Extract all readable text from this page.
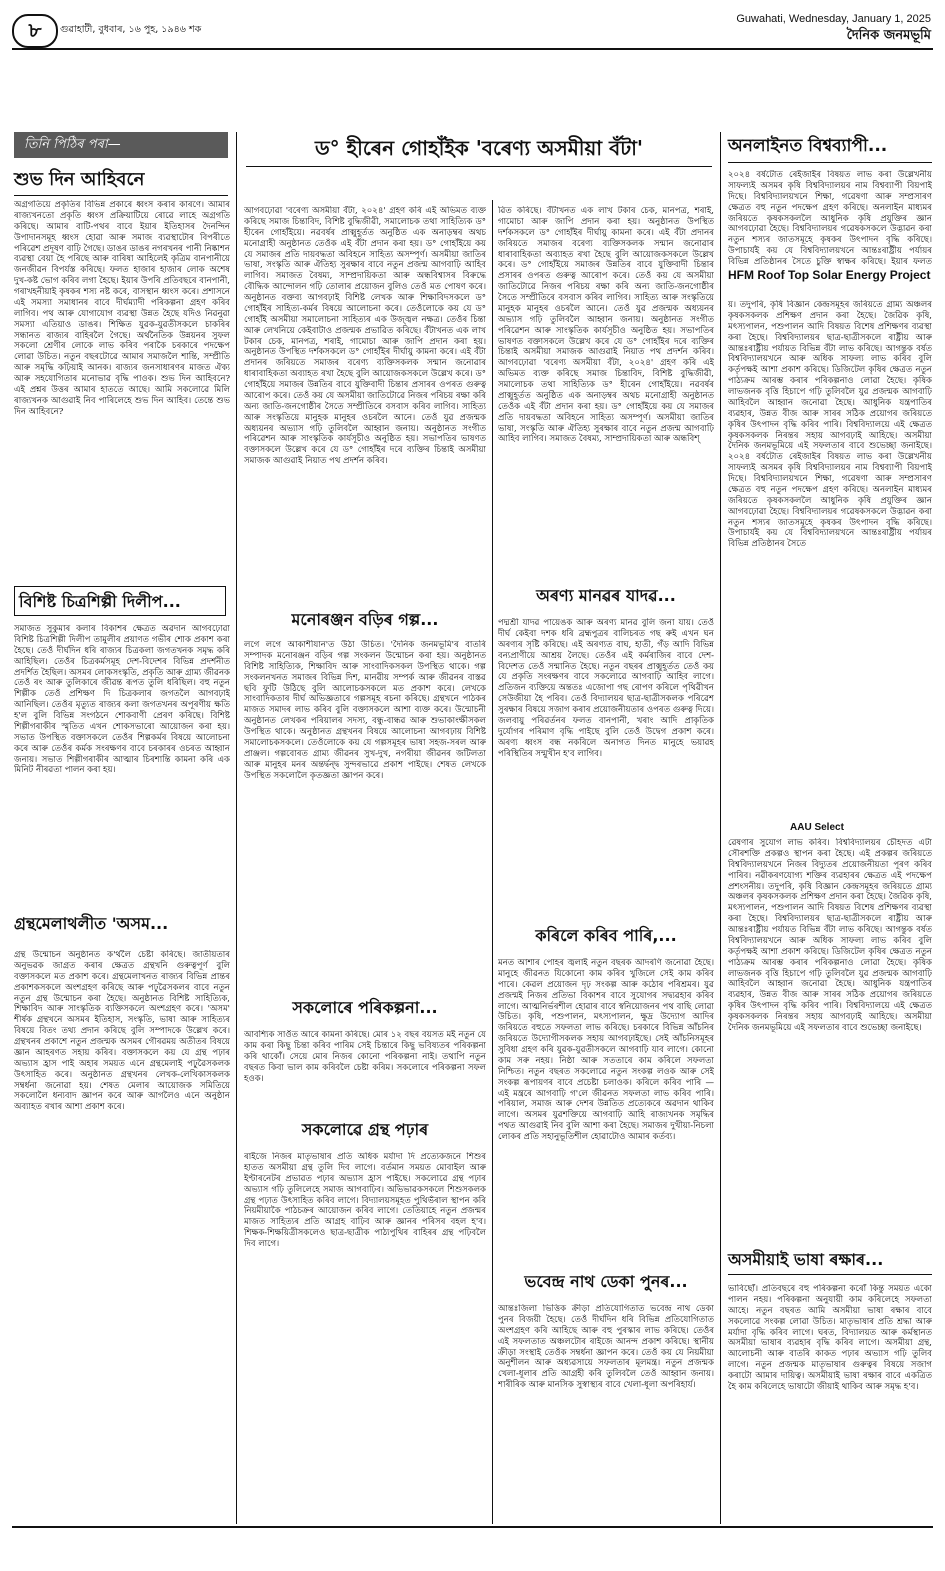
৮	গুৱাহাটী, বুধবাৰ, ১৬ পুহ, ১৯৪৬ শক
Guwahati, Wednesday, January 1, 2025
দৈনিক জনমভূমি
তিনি পিঠিৰ পৰা—
শুভ দিন আহিবনে
অগ্ৰগতিয়ে প্ৰকৃতিৰ বিভিন্ন প্ৰকাৰে ধ্বংস কৰাৰ কাৰণে। আমাৰ ৰাজ্যখনতো প্ৰকৃতি ধ্বংস প্ৰক্ৰিয়াটিয়ে ৰোৱে লাহে অগ্ৰগতি কৰিছে। আমাৰ বাটি-পথৰ বাবে ইয়াৰ ইতিহাসৰ দৈনন্দিন উপাদানসমূহ ধ্বংস হোৱা আৰু সমাজ ব্যৱস্থাটোৰ বিপৰীতে পৰিৱেশ প্ৰদূষণ বাঢ়ি গৈছে। ডাঙৰ ডাঙৰ নগৰখনৰ পানী নিষ্কাশন ব্যৱস্থা বেয়া হৈ পৰিছে আৰু বাৰিষা আহিলেই কৃত্ৰিম বানপানীয়ে জনজীৱন বিপৰ্যস্ত কৰিছে। ফলত হাজাৰ হাজাৰ লোক অশেষ দুখ-কষ্ট ভোগ কৰিব লগা হৈছে। ইয়াৰ উপৰি প্ৰতিবছৰে বানপানী, গৰাখহনীয়াই কৃষকৰ শস্য নষ্ট কৰে, বাসস্থান ধ্বংস কৰে। প্ৰশাসনে এই সমস্যা সমাধানৰ বাবে দীৰ্ঘম্যাদী পৰিকল্পনা গ্ৰহণ কৰিব লাগিব। পথ আৰু যোগাযোগ ব্যৱস্থা উন্নত হৈছে যদিও নিৱনুৱা সমস্যা এতিয়াও ডাঙৰ। শিক্ষিত যুৱক-যুৱতীসকলে চাকৰিৰ সন্ধানত ৰাজ্যৰ বাহিৰলৈ গৈছে। অৰ্থনৈতিক উন্নয়নৰ সুফল সকলো শ্ৰেণীৰ লোকে লাভ কৰিব পৰাকৈ চৰকাৰে পদক্ষেপ লোৱা উচিত। নতুন বছৰটোৱে আমাৰ সমাজলৈ শান্তি, সম্প্ৰীতি আৰু সমৃদ্ধি কঢ়িয়াই আনক। ৰাজ্যৰ জনসাধাৰণৰ মাজত ঐক্য আৰু সহযোগিতাৰ মনোভাৱ বৃদ্ধি পাওক। শুভ দিন আহিবনে? এই প্ৰশ্নৰ উত্তৰ আমাৰ হাততে আছে। আমি সকলোৱে মিলি ৰাজ্যখনক আগুৱাই নিব পাৰিলেহে শুভ দিন আহিব। তেন্তে শুভ দিন আহিবনে?
বিশিষ্ট চিত্ৰশিল্পী দিলীপ...
সমাজত সুকুমাৰ কলাৰ বিকাশৰ ক্ষেত্ৰত অৱদান আগবঢ়োৱা বিশিষ্ট চিত্ৰশিল্পী দিলীপ তামুলীৰ প্ৰয়াণত গভীৰ শোক প্ৰকাশ কৰা হৈছে। তেওঁ দীৰ্ঘদিন ধৰি ৰাজ্যৰ চিত্ৰকলা জগতখনক সমৃদ্ধ কৰি আহিছিল। তেওঁৰ চিত্ৰকৰ্মসমূহ দেশ-বিদেশৰ বিভিন্ন প্ৰদৰ্শনীত প্ৰদৰ্শিত হৈছিল। অসমৰ লোকসংস্কৃতি, প্ৰকৃতি আৰু গ্ৰাম্য জীৱনক তেওঁ ৰং আৰু তুলিকাৰে জীৱন্ত ৰূপত তুলি ধৰিছিল। বহু নতুন শিল্পীক তেওঁ প্ৰশিক্ষণ দি চিত্ৰকলাৰ জগতলৈ আগবঢ়াই আনিছিল। তেওঁৰ মৃত্যুত ৰাজ্যৰ কলা জগতখনৰ অপূৰণীয় ক্ষতি হ'ল বুলি বিভিন্ন সংগঠনে শোকবাণী প্ৰেৰণ কৰিছে। বিশিষ্ট শিল্পীগৰাকীৰ স্মৃতিত এখন শোকসভাৰো আয়োজন কৰা হয়। সভাত উপস্থিত বক্তাসকলে তেওঁৰ শিল্পকৰ্মৰ বিষয়ে আলোচনা কৰে আৰু তেওঁৰ কৰ্মক সংৰক্ষণৰ বাবে চৰকাৰৰ ওচৰত আহ্বান জনায়। সভাত শিল্পীগৰাকীৰ আত্মাৰ চিৰশান্তি কামনা কৰি এক মিনিট নীৰৱতা পালন কৰা হয়।
গ্ৰন্থমেলাথলীত 'অসম...
গ্ৰন্থ উন্মোচন অনুষ্ঠানত ক'ৰ্থলৈ চেষ্টা কৰিছে। জাতীয়তাৰ অনুভৱক জাগ্ৰত কৰাৰ ক্ষেত্ৰত গ্ৰন্থখনি গুৰুত্বপূৰ্ণ বুলি বক্তাসকলে মত প্ৰকাশ কৰে। গ্ৰন্থমেলাখনত ৰাজ্যৰ বিভিন্ন প্ৰান্তৰ প্ৰকাশকসকলে অংশগ্ৰহণ কৰিছে আৰু পঢ়ুৱৈসকলৰ বাবে নতুন নতুন গ্ৰন্থ উন্মোচন কৰা হৈছে। অনুষ্ঠানত বিশিষ্ট সাহিত্যিক, শিক্ষাবিদ আৰু সাংস্কৃতিক ব্যক্তিসকলে অংশগ্ৰহণ কৰে। 'অসম' শীৰ্ষক গ্ৰন্থখনে অসমৰ ইতিহাস, সংস্কৃতি, ভাষা আৰু সাহিত্যৰ বিষয়ে বিতং তথ্য প্ৰদান কৰিছে বুলি সম্পাদকে উল্লেখ কৰে। গ্ৰন্থখনৰ প্ৰকাশে নতুন প্ৰজন্মক অসমৰ গৌৰৱময় অতীতৰ বিষয়ে জ্ঞান আহৰণত সহায় কৰিব। বক্তাসকলে কয় যে গ্ৰন্থ পঢ়াৰ অভ্যাস হ্ৰাস পাই অহাৰ সময়ত এনে গ্ৰন্থমেলাই পঢ়ুৱৈসকলক উৎসাহিত কৰে। অনুষ্ঠানত গ্ৰন্থখনৰ লেখক-লেখিকাসকলক সম্বৰ্ধনা জনোৱা হয়। শেষত মেলাৰ আয়োজক সমিতিয়ে সকলোলৈ ধন্যবাদ জ্ঞাপন কৰে আৰু আগলৈও এনে অনুষ্ঠান অব্যাহত ৰখাৰ আশা প্ৰকাশ কৰে।
ড° হীৰেন গোহাঁইক 'বৰেণ্য অসমীয়া বঁটা'
আগবঢ়োৱা 'বৰেণ্য অসমীয়া বঁটা, ২০২৪' গ্ৰহণ কৰি এই অভিমত ব্যক্ত কৰিছে সমাজ চিন্তাবিদ, বিশিষ্ট বুদ্ধিজীৱী, সমালোচক তথা সাহিত্যিক ড° হীৰেন গোহাঁইয়ে। নৱবৰ্ষৰ প্ৰাক্মুহূৰ্তত অনুষ্ঠিত এক অনাড়ম্বৰ অথচ মনোগ্ৰাহী অনুষ্ঠানত তেওঁক এই বঁটা প্ৰদান কৰা হয়। ড° গোহাঁইয়ে কয় যে সমাজৰ প্ৰতি দায়বদ্ধতা অবিহনে সাহিত্য অসম্পূৰ্ণ। অসমীয়া জাতিৰ ভাষা, সংস্কৃতি আৰু ঐতিহ্য সুৰক্ষাৰ বাবে নতুন প্ৰজন্ম আগবাঢ়ি আহিব লাগিব। সমাজত বৈষম্য, সাম্প্ৰদায়িকতা আৰু অন্ধবিশ্বাসৰ বিৰুদ্ধে বৌদ্ধিক আন্দোলন গঢ়ি তোলাৰ প্ৰয়োজন বুলিও তেওঁ মত পোষণ কৰে। অনুষ্ঠানত বক্তব্য আগবঢ়াই বিশিষ্ট লেখক আৰু শিক্ষাবিদসকলে ড° গোহাঁইৰ সাহিত্য-কৰ্মৰ বিষয়ে আলোচনা কৰে। তেওঁলোকে কয় যে ড° গোহাঁই অসমীয়া সমালোচনা সাহিত্যৰ এক উজ্জ্বল নক্ষত্ৰ। তেওঁৰ চিন্তা আৰু লেখনিয়ে কেইবাটাও প্ৰজন্মক প্ৰভাৱিত কৰিছে। বঁটাখনত এক লাখ টকাৰ চেক, মানপত্ৰ, শৰাই, গামোচা আৰু জাপি প্ৰদান কৰা হয়। অনুষ্ঠানত উপস্থিত দৰ্শকসকলে ড° গোহাঁইৰ দীৰ্ঘায়ু কামনা কৰে। এই বঁটা প্ৰদানৰ জৰিয়তে সমাজৰ বৰেণ্য ব্যক্তিসকলক সন্মান জনোৱাৰ ধাৰাবাহিকতা অব্যাহত ৰখা হৈছে বুলি আয়োজকসকলে উল্লেখ কৰে। ড° গোহাঁইয়ে সমাজৰ উন্নতিৰ বাবে যুক্তিবাদী চিন্তাৰ প্ৰসাৰৰ ওপৰত গুৰুত্ব আৰোপ কৰে। তেওঁ কয় যে অসমীয়া জাতিটোৱে নিজৰ পৰিচয় ৰক্ষা কৰি অন্য জাতি-জনগোষ্ঠীৰ সৈতে সম্প্ৰীতিৰে বসবাস কৰিব লাগিব। সাহিত্য আৰু সংস্কৃতিয়ে মানুহক মানুহৰ ওচৰলৈ আনে। তেওঁ যুৱ প্ৰজন্মক অধ্যয়নৰ অভ্যাস গঢ়ি তুলিবলৈ আহ্বান জনায়। অনুষ্ঠানত সংগীত পৰিৱেশন আৰু সাংস্কৃতিক কাৰ্যসূচীও অনুষ্ঠিত হয়। সভাপতিৰ ভাষণত বক্তাসকলে উল্লেখ কৰে যে ড° গোহাঁইৰ দৰে ব্যক্তিৰ চিন্তাই অসমীয়া সমাজক আগুৱাই নিয়াত পথ প্ৰদৰ্শন কৰিব।
মনোৰঞ্জন বড়িৰ গল্প...
লগে লগে আকাশীযান'ত উঠা উচিত। 'দৈনিক জনমভূমি'ৰ বাতৰি সম্পাদক মনোৰঞ্জন বড়িৰ গল্প সংকলন উন্মোচন কৰা হয়। অনুষ্ঠানত বিশিষ্ট সাহিত্যিক, শিক্ষাবিদ আৰু সাংবাদিকসকল উপস্থিত থাকে। গল্প সংকলনখনত সমাজৰ বিভিন্ন দিশ, মানৱীয় সম্পৰ্ক আৰু জীৱনৰ বাস্তৱ ছবি ফুটি উঠিছে বুলি আলোচকসকলে মত প্ৰকাশ কৰে। লেখকে সাংবাদিকতাৰ দীৰ্ঘ অভিজ্ঞতাৰে গল্পসমূহ ৰচনা কৰিছে। গ্ৰন্থখনে পাঠকৰ মাজত সমাদৰ লাভ কৰিব বুলি বক্তাসকলে আশা ব্যক্ত কৰে। উন্মোচনী অনুষ্ঠানত লেখকৰ পৰিয়ালৰ সদস্য, বন্ধু-বান্ধৱ আৰু শুভাকাংক্ষীসকল উপস্থিত থাকে। অনুষ্ঠানত গ্ৰন্থখনৰ বিষয়ে আলোচনা আগবঢ়ায় বিশিষ্ট সমালোচকসকলে। তেওঁলোকে কয় যে গল্পসমূহৰ ভাষা সহজ-সৰল আৰু প্ৰাঞ্জল। গল্পবোৰত গ্ৰাম্য জীৱনৰ সুখ-দুখ, নগৰীয়া জীৱনৰ জটিলতা আৰু মানুহৰ মনৰ অন্তৰ্দ্বন্দ্ব সুন্দৰভাৱে প্ৰকাশ পাইছে। শেষত লেখকে উপস্থিত সকলোলৈ কৃতজ্ঞতা জ্ঞাপন কৰে।
সকলোৰে পৰিকল্পনা...
আবশ্যিক সাওঁত আৰে কামনা কৰিছে। মোৰ ১২ বছৰ বয়সত মই নতুন যে কাম কৰা কিছু চিন্তা কৰিব পাৰিম সেই চিন্তাৰে কিছু ভবিষ্যতৰ পৰিকল্পনা কৰি থাকোঁ। সেয়ে মোৰ নিজৰ কোনো পৰিকল্পনা নাই। তথাপি নতুন বছৰত কিবা ভাল কাম কৰিবলৈ চেষ্টা কৰিম। সকলোৰে পৰিকল্পনা সফল হওক।
সকলোৱে গ্ৰন্থ পঢ়াৰ
ৰাইজে নিজৰ মাতৃভাষাৰ প্ৰতি অধিক মৰ্যাদা দি প্ৰত্যেকজনে শিশুৰ হাতত অসমীয়া গ্ৰন্থ তুলি দিব লাগে। বৰ্তমান সময়ত মোবাইল আৰু ইণ্টাৰনেটৰ প্ৰভাৱত পঢ়াৰ অভ্যাস হ্ৰাস পাইছে। সকলোৱে গ্ৰন্থ পঢ়াৰ অভ্যাস গঢ়ি তুলিলেহে সমাজ আগবাঢ়িব। অভিভাৱকসকলে শিশুসকলক গ্ৰন্থ পঢ়াত উৎসাহিত কৰিব লাগে। বিদ্যালয়সমূহত পুথিভঁৰাল স্থাপন কৰি নিয়মীয়াকৈ পাঠচক্ৰৰ আয়োজন কৰিব লাগে। তেতিয়াহে নতুন প্ৰজন্মৰ মাজত সাহিত্যৰ প্ৰতি আগ্ৰহ বাঢ়িব আৰু জ্ঞানৰ পৰিসৰ বহল হ'ব। শিক্ষক-শিক্ষয়িত্ৰীসকলেও ছাত্ৰ-ছাত্ৰীক পাঠ্যপুথিৰ বাহিৰৰ গ্ৰন্থ পঢ়িবলৈ দিব লাগে।
ৱিত কৰিছে। বঁটাখনত এক লাখ টকাৰ চেক, মানপত্ৰ, শৰাই, গামোচা আৰু জাপি প্ৰদান কৰা হয়। অনুষ্ঠানত উপস্থিত দৰ্শকসকলে ড° গোহাঁইৰ দীৰ্ঘায়ু কামনা কৰে। এই বঁটা প্ৰদানৰ জৰিয়তে সমাজৰ বৰেণ্য ব্যক্তিসকলক সন্মান জনোৱাৰ ধাৰাবাহিকতা অব্যাহত ৰখা হৈছে বুলি আয়োজকসকলে উল্লেখ কৰে। ড° গোহাঁইয়ে সমাজৰ উন্নতিৰ বাবে যুক্তিবাদী চিন্তাৰ প্ৰসাৰৰ ওপৰত গুৰুত্ব আৰোপ কৰে। তেওঁ কয় যে অসমীয়া জাতিটোৱে নিজৰ পৰিচয় ৰক্ষা কৰি অন্য জাতি-জনগোষ্ঠীৰ সৈতে সম্প্ৰীতিৰে বসবাস কৰিব লাগিব। সাহিত্য আৰু সংস্কৃতিয়ে মানুহক মানুহৰ ওচৰলৈ আনে। তেওঁ যুৱ প্ৰজন্মক অধ্যয়নৰ অভ্যাস গঢ়ি তুলিবলৈ আহ্বান জনায়। অনুষ্ঠানত সংগীত পৰিৱেশন আৰু সাংস্কৃতিক কাৰ্যসূচীও অনুষ্ঠিত হয়। সভাপতিৰ ভাষণত বক্তাসকলে উল্লেখ কৰে যে ড° গোহাঁইৰ দৰে ব্যক্তিৰ চিন্তাই অসমীয়া সমাজক আগুৱাই নিয়াত পথ প্ৰদৰ্শন কৰিব। আগবঢ়োৱা 'বৰেণ্য অসমীয়া বঁটা, ২০২৪' গ্ৰহণ কৰি এই অভিমত ব্যক্ত কৰিছে সমাজ চিন্তাবিদ, বিশিষ্ট বুদ্ধিজীৱী, সমালোচক তথা সাহিত্যিক ড° হীৰেন গোহাঁইয়ে। নৱবৰ্ষৰ প্ৰাক্মুহূৰ্তত অনুষ্ঠিত এক অনাড়ম্বৰ অথচ মনোগ্ৰাহী অনুষ্ঠানত তেওঁক এই বঁটা প্ৰদান কৰা হয়। ড° গোহাঁইয়ে কয় যে সমাজৰ প্ৰতি দায়বদ্ধতা অবিহনে সাহিত্য অসম্পূৰ্ণ। অসমীয়া জাতিৰ ভাষা, সংস্কৃতি আৰু ঐতিহ্য সুৰক্ষাৰ বাবে নতুন প্ৰজন্ম আগবাঢ়ি আহিব লাগিব। সমাজত বৈষম্য, সাম্প্ৰদায়িকতা আৰু অন্ধবিশ্
অৰণ্য মানৱৰ যাদৱ...
পদ্মশ্ৰী যাদৱ পায়েঙক আৰু অৰণ্য মানৱ বুলি জনা যায়। তেওঁ দীৰ্ঘ কেইবা দশক ধৰি ব্ৰহ্মপুত্ৰৰ বালিচৰত গছ ৰুই এখন ঘন অৰণ্যৰ সৃষ্টি কৰিছে। এই অৰণ্যত বাঘ, হাতী, গঁড় আদি বিভিন্ন বন্যপ্ৰাণীয়ে আশ্ৰয় লৈছে। তেওঁৰ এই কৰ্মৰাজিৰ বাবে দেশ-বিদেশত তেওঁ সন্মানিত হৈছে। নতুন বছৰৰ প্ৰাক্মুহূৰ্তত তেওঁ কয় যে প্ৰকৃতি সংৰক্ষণৰ বাবে সকলোৱে আগবাঢ়ি আহিব লাগে। প্ৰতিজন ব্যক্তিয়ে অন্ততঃ এজোপা গছ ৰোপণ কৰিলে পৃথিৱীখন সেউজীয়া হৈ পৰিব। তেওঁ বিদ্যালয়ৰ ছাত্ৰ-ছাত্ৰীসকলক পৰিৱেশ সুৰক্ষাৰ বিষয়ে সজাগ কৰাৰ প্ৰয়োজনীয়তাৰ ওপৰত গুৰুত্ব দিয়ে। জলবায়ু পৰিৱৰ্তনৰ ফলত বানপানী, খৰাং আদি প্ৰাকৃতিক দুৰ্যোগৰ পৰিমাণ বৃদ্ধি পাইছে বুলি তেওঁ উদ্বেগ প্ৰকাশ কৰে। অৰণ্য ধ্বংস বন্ধ নকৰিলে অনাগত দিনত মানুহে ভয়াৱহ পৰিস্থিতিৰ সন্মুখীন হ'ব লাগিব।
কৰিলে কৰিব পাৰি,...
মনত আশাৰ পোহৰ জ্বলাই নতুন বছৰক আদৰণি জনোৱা হৈছে। মানুহে জীৱনত যিকোনো কাম কৰিব খুজিলে সেই কাম কৰিব পাৰে। কেৱল প্ৰয়োজন দৃঢ় সংকল্প আৰু কঠোৰ পৰিশ্ৰমৰ। যুৱ প্ৰজন্মই নিজৰ প্ৰতিভা বিকাশৰ বাবে সুযোগৰ সদ্ব্যৱহাৰ কৰিব লাগে। আত্মনিৰ্ভৰশীল হোৱাৰ বাবে স্বনিয়োজনৰ পথ বাছি লোৱা উচিত। কৃষি, পশুপালন, মৎস্যপালন, ক্ষুদ্ৰ উদ্যোগ আদিৰ জৰিয়তে বহুতে সফলতা লাভ কৰিছে। চৰকাৰে বিভিন্ন আঁচনিৰ জৰিয়তে উদ্যোগীসকলক সহায় আগবঢ়াইছে। সেই আঁচনিসমূহৰ সুবিধা গ্ৰহণ কৰি যুৱক-যুৱতীসকলে আগবাঢ়ি যাব লাগে। কোনো কাম সৰু নহয়। নিষ্ঠা আৰু সততাৰে কাম কৰিলে সফলতা নিশ্চিত। নতুন বছৰত সকলোৱে নতুন সংকল্প লওক আৰু সেই সংকল্প ৰূপায়ণৰ বাবে প্ৰচেষ্টা চলাওক। কৰিলে কৰিব পাৰি — এই মন্ত্ৰৰে আগবাঢ়ি গ'লে জীৱনত সফলতা লাভ কৰিব পাৰি। পৰিয়াল, সমাজ আৰু দেশৰ উন্নতিত প্ৰত্যেকৰে অৱদান থাকিব লাগে। অসমৰ যুৱশক্তিয়ে আগবাঢ়ি আহি ৰাজ্যখনক সমৃদ্ধিৰ পথত আগুৱাই নিব বুলি আশা কৰা হৈছে। সমাজৰ দুখীয়া-নিচলা লোকৰ প্ৰতি সহানুভূতিশীল হোৱাটোও আমাৰ কৰ্তব্য।
ভবেন্দ্ৰ নাথ ডেকা পুনৰ...
আন্তঃজিলা ভিত্তিক ক্ৰীড়া প্ৰতিযোগিতাত ভবেন্দ্ৰ নাথ ডেকা পুনৰ বিজয়ী হৈছে। তেওঁ দীৰ্ঘদিন ধৰি বিভিন্ন প্ৰতিযোগিতাত অংশগ্ৰহণ কৰি আহিছে আৰু বহু পুৰস্কাৰ লাভ কৰিছে। তেওঁৰ এই সফলতাত অঞ্চলটোৰ ৰাইজে আনন্দ প্ৰকাশ কৰিছে। স্থানীয় ক্ৰীড়া সংস্থাই তেওঁক সম্বৰ্ধনা জ্ঞাপন কৰে। তেওঁ কয় যে নিয়মীয়া অনুশীলন আৰু অধ্যৱসায়ে সফলতাৰ মূলমন্ত্ৰ। নতুন প্ৰজন্মক খেলা-ধূলাৰ প্ৰতি আগ্ৰহী কৰি তুলিবলৈ তেওঁ আহ্বান জনায়। শাৰীৰিক আৰু মানসিক সুস্বাস্থ্যৰ বাবে খেলা-ধূলা অপৰিহাৰ্য।
অনলাইনত বিশ্বব্যাপী...
২০২৪ বৰ্ষটোত ৰেইজাইৰ বিষয়ত লাভ কৰা উল্লেখনীয় সাফল্যই অসমৰ কৃষি বিশ্ববিদ্যালয়ৰ নাম বিশ্বব্যাপী বিয়পাই দিছে। বিশ্ববিদ্যালয়খনে শিক্ষা, গৱেষণা আৰু সম্প্ৰসাৰণ ক্ষেত্ৰত বহু নতুন পদক্ষেপ গ্ৰহণ কৰিছে। অনলাইন মাধ্যমৰ জৰিয়তে কৃষকসকললৈ আধুনিক কৃষি প্ৰযুক্তিৰ জ্ঞান আগবঢ়োৱা হৈছে। বিশ্ববিদ্যালয়ৰ গৱেষকসকলে উদ্ভাৱন কৰা নতুন শস্যৰ জাতসমূহে কৃষকৰ উৎপাদন বৃদ্ধি কৰিছে। উপাচাৰ্যই কয় যে বিশ্ববিদ্যালয়খনে আন্তঃৰাষ্ট্ৰীয় পৰ্যায়ৰ বিভিন্ন প্ৰতিষ্ঠানৰ সৈতে চুক্তি স্বাক্ষৰ কৰিছে। ইয়াৰ ফলত
HFM Roof Top Solar Energy Project
য়। তদুপৰি, কৃষি বিজ্ঞান কেন্দ্ৰসমূহৰ জৰিয়তে গ্ৰাম্য অঞ্চলৰ কৃষকসকলক প্ৰশিক্ষণ প্ৰদান কৰা হৈছে। জৈৱিক কৃষি, মৎস্যপালন, পশুপালন আদি বিষয়ত বিশেষ প্ৰশিক্ষণৰ ব্যৱস্থা কৰা হৈছে। বিশ্ববিদ্যালয়ৰ ছাত্ৰ-ছাত্ৰীসকলে ৰাষ্ট্ৰীয় আৰু আন্তঃৰাষ্ট্ৰীয় পৰ্যায়ত বিভিন্ন বঁটা লাভ কৰিছে। আগন্তুক বৰ্ষত বিশ্ববিদ্যালয়খনে আৰু অধিক সাফল্য লাভ কৰিব বুলি কৰ্তৃপক্ষই আশা প্ৰকাশ কৰিছে। ডিজিটেল কৃষিৰ ক্ষেত্ৰত নতুন পাঠ্যক্ৰম আৰম্ভ কৰাৰ পৰিকল্পনাও লোৱা হৈছে। কৃষিক লাভজনক বৃত্তি হিচাপে গঢ়ি তুলিবলৈ যুৱ প্ৰজন্মক আগবাঢ়ি আহিবলৈ আহ্বান জনোৱা হৈছে। আধুনিক যন্ত্ৰপাতিৰ ব্যৱহাৰ, উন্নত বীজ আৰু সাৰৰ সঠিক প্ৰয়োগৰ জৰিয়তে কৃষিৰ উৎপাদন বৃদ্ধি কৰিব পাৰি। বিশ্ববিদ্যালয়ে এই ক্ষেত্ৰত কৃষকসকলক নিৰন্তৰ সহায় আগবঢ়াই আহিছে। অসমীয়া দৈনিক জনমভূমিয়ে এই সফলতাৰ বাবে শুভেচ্ছা জনাইছে। ২০২৪ বৰ্ষটোত ৰেইজাইৰ বিষয়ত লাভ কৰা উল্লেখনীয় সাফল্যই অসমৰ কৃষি বিশ্ববিদ্যালয়ৰ নাম বিশ্বব্যাপী বিয়পাই দিছে। বিশ্ববিদ্যালয়খনে শিক্ষা, গৱেষণা আৰু সম্প্ৰসাৰণ ক্ষেত্ৰত বহু নতুন পদক্ষেপ গ্ৰহণ কৰিছে। অনলাইন মাধ্যমৰ জৰিয়তে কৃষকসকললৈ আধুনিক কৃষি প্ৰযুক্তিৰ জ্ঞান আগবঢ়োৱা হৈছে। বিশ্ববিদ্যালয়ৰ গৱেষকসকলে উদ্ভাৱন কৰা নতুন শস্যৰ জাতসমূহে কৃষকৰ উৎপাদন বৃদ্ধি কৰিছে। উপাচাৰ্যই কয় যে বিশ্ববিদ্যালয়খনে আন্তঃৰাষ্ট্ৰীয় পৰ্যায়ৰ বিভিন্ন প্ৰতিষ্ঠানৰ সৈতে
AAU Select
ৱেষণাৰ সুযোগ লাভ কৰিব। বিশ্ববিদ্যালয়ৰ চৌহদত এটা সৌৰশক্তি প্ৰকল্পও স্থাপন কৰা হৈছে। এই প্ৰকল্পৰ জৰিয়তে বিশ্ববিদ্যালয়খনে নিজৰ বিদ্যুতৰ প্ৰয়োজনীয়তা পূৰণ কৰিব পাৰিব। নৱীকৰণযোগ্য শক্তিৰ ব্যৱহাৰৰ ক্ষেত্ৰত এই পদক্ষেপ প্ৰশংসনীয়। তদুপৰি, কৃষি বিজ্ঞান কেন্দ্ৰসমূহৰ জৰিয়তে গ্ৰাম্য অঞ্চলৰ কৃষকসকলক প্ৰশিক্ষণ প্ৰদান কৰা হৈছে। জৈৱিক কৃষি, মৎস্যপালন, পশুপালন আদি বিষয়ত বিশেষ প্ৰশিক্ষণৰ ব্যৱস্থা কৰা হৈছে। বিশ্ববিদ্যালয়ৰ ছাত্ৰ-ছাত্ৰীসকলে ৰাষ্ট্ৰীয় আৰু আন্তঃৰাষ্ট্ৰীয় পৰ্যায়ত বিভিন্ন বঁটা লাভ কৰিছে। আগন্তুক বৰ্ষত বিশ্ববিদ্যালয়খনে আৰু অধিক সাফল্য লাভ কৰিব বুলি কৰ্তৃপক্ষই আশা প্ৰকাশ কৰিছে। ডিজিটেল কৃষিৰ ক্ষেত্ৰত নতুন পাঠ্যক্ৰম আৰম্ভ কৰাৰ পৰিকল্পনাও লোৱা হৈছে। কৃষিক লাভজনক বৃত্তি হিচাপে গঢ়ি তুলিবলৈ যুৱ প্ৰজন্মক আগবাঢ়ি আহিবলৈ আহ্বান জনোৱা হৈছে। আধুনিক যন্ত্ৰপাতিৰ ব্যৱহাৰ, উন্নত বীজ আৰু সাৰৰ সঠিক প্ৰয়োগৰ জৰিয়তে কৃষিৰ উৎপাদন বৃদ্ধি কৰিব পাৰি। বিশ্ববিদ্যালয়ে এই ক্ষেত্ৰত কৃষকসকলক নিৰন্তৰ সহায় আগবঢ়াই আহিছে। অসমীয়া দৈনিক জনমভূমিয়ে এই সফলতাৰ বাবে শুভেচ্ছা জনাইছে।
অসমীয়াই ভাষা ৰক্ষাৰ...
ভাবিছোঁ। প্ৰতিবছৰে বহু পৰিকল্পনা কৰোঁ কিন্তু সময়ত একো পালন নহয়। পৰিকল্পনা অনুযায়ী কাম কৰিলেহে সফলতা আহে। নতুন বছৰত আমি অসমীয়া ভাষা ৰক্ষাৰ বাবে সকলোৱে সংকল্প লোৱা উচিত। মাতৃভাষাৰ প্ৰতি শ্ৰদ্ধা আৰু মৰ্যাদা বৃদ্ধি কৰিব লাগে। ঘৰত, বিদ্যালয়ত আৰু কৰ্মস্থানত অসমীয়া ভাষাৰ ব্যৱহাৰ বৃদ্ধি কৰিব লাগে। অসমীয়া গ্ৰন্থ, আলোচনী আৰু বাতৰি কাকত পঢ়াৰ অভ্যাস গঢ়ি তুলিব লাগে। নতুন প্ৰজন্মক মাতৃভাষাৰ গুৰুত্বৰ বিষয়ে সজাগ কৰাটো আমাৰ দায়িত্ব। অসমীয়াই ভাষা ৰক্ষাৰ বাবে একত্ৰিত হৈ কাম কৰিলেহে ভাষাটো জীয়াই থাকিব আৰু সমৃদ্ধ হ'ব।
